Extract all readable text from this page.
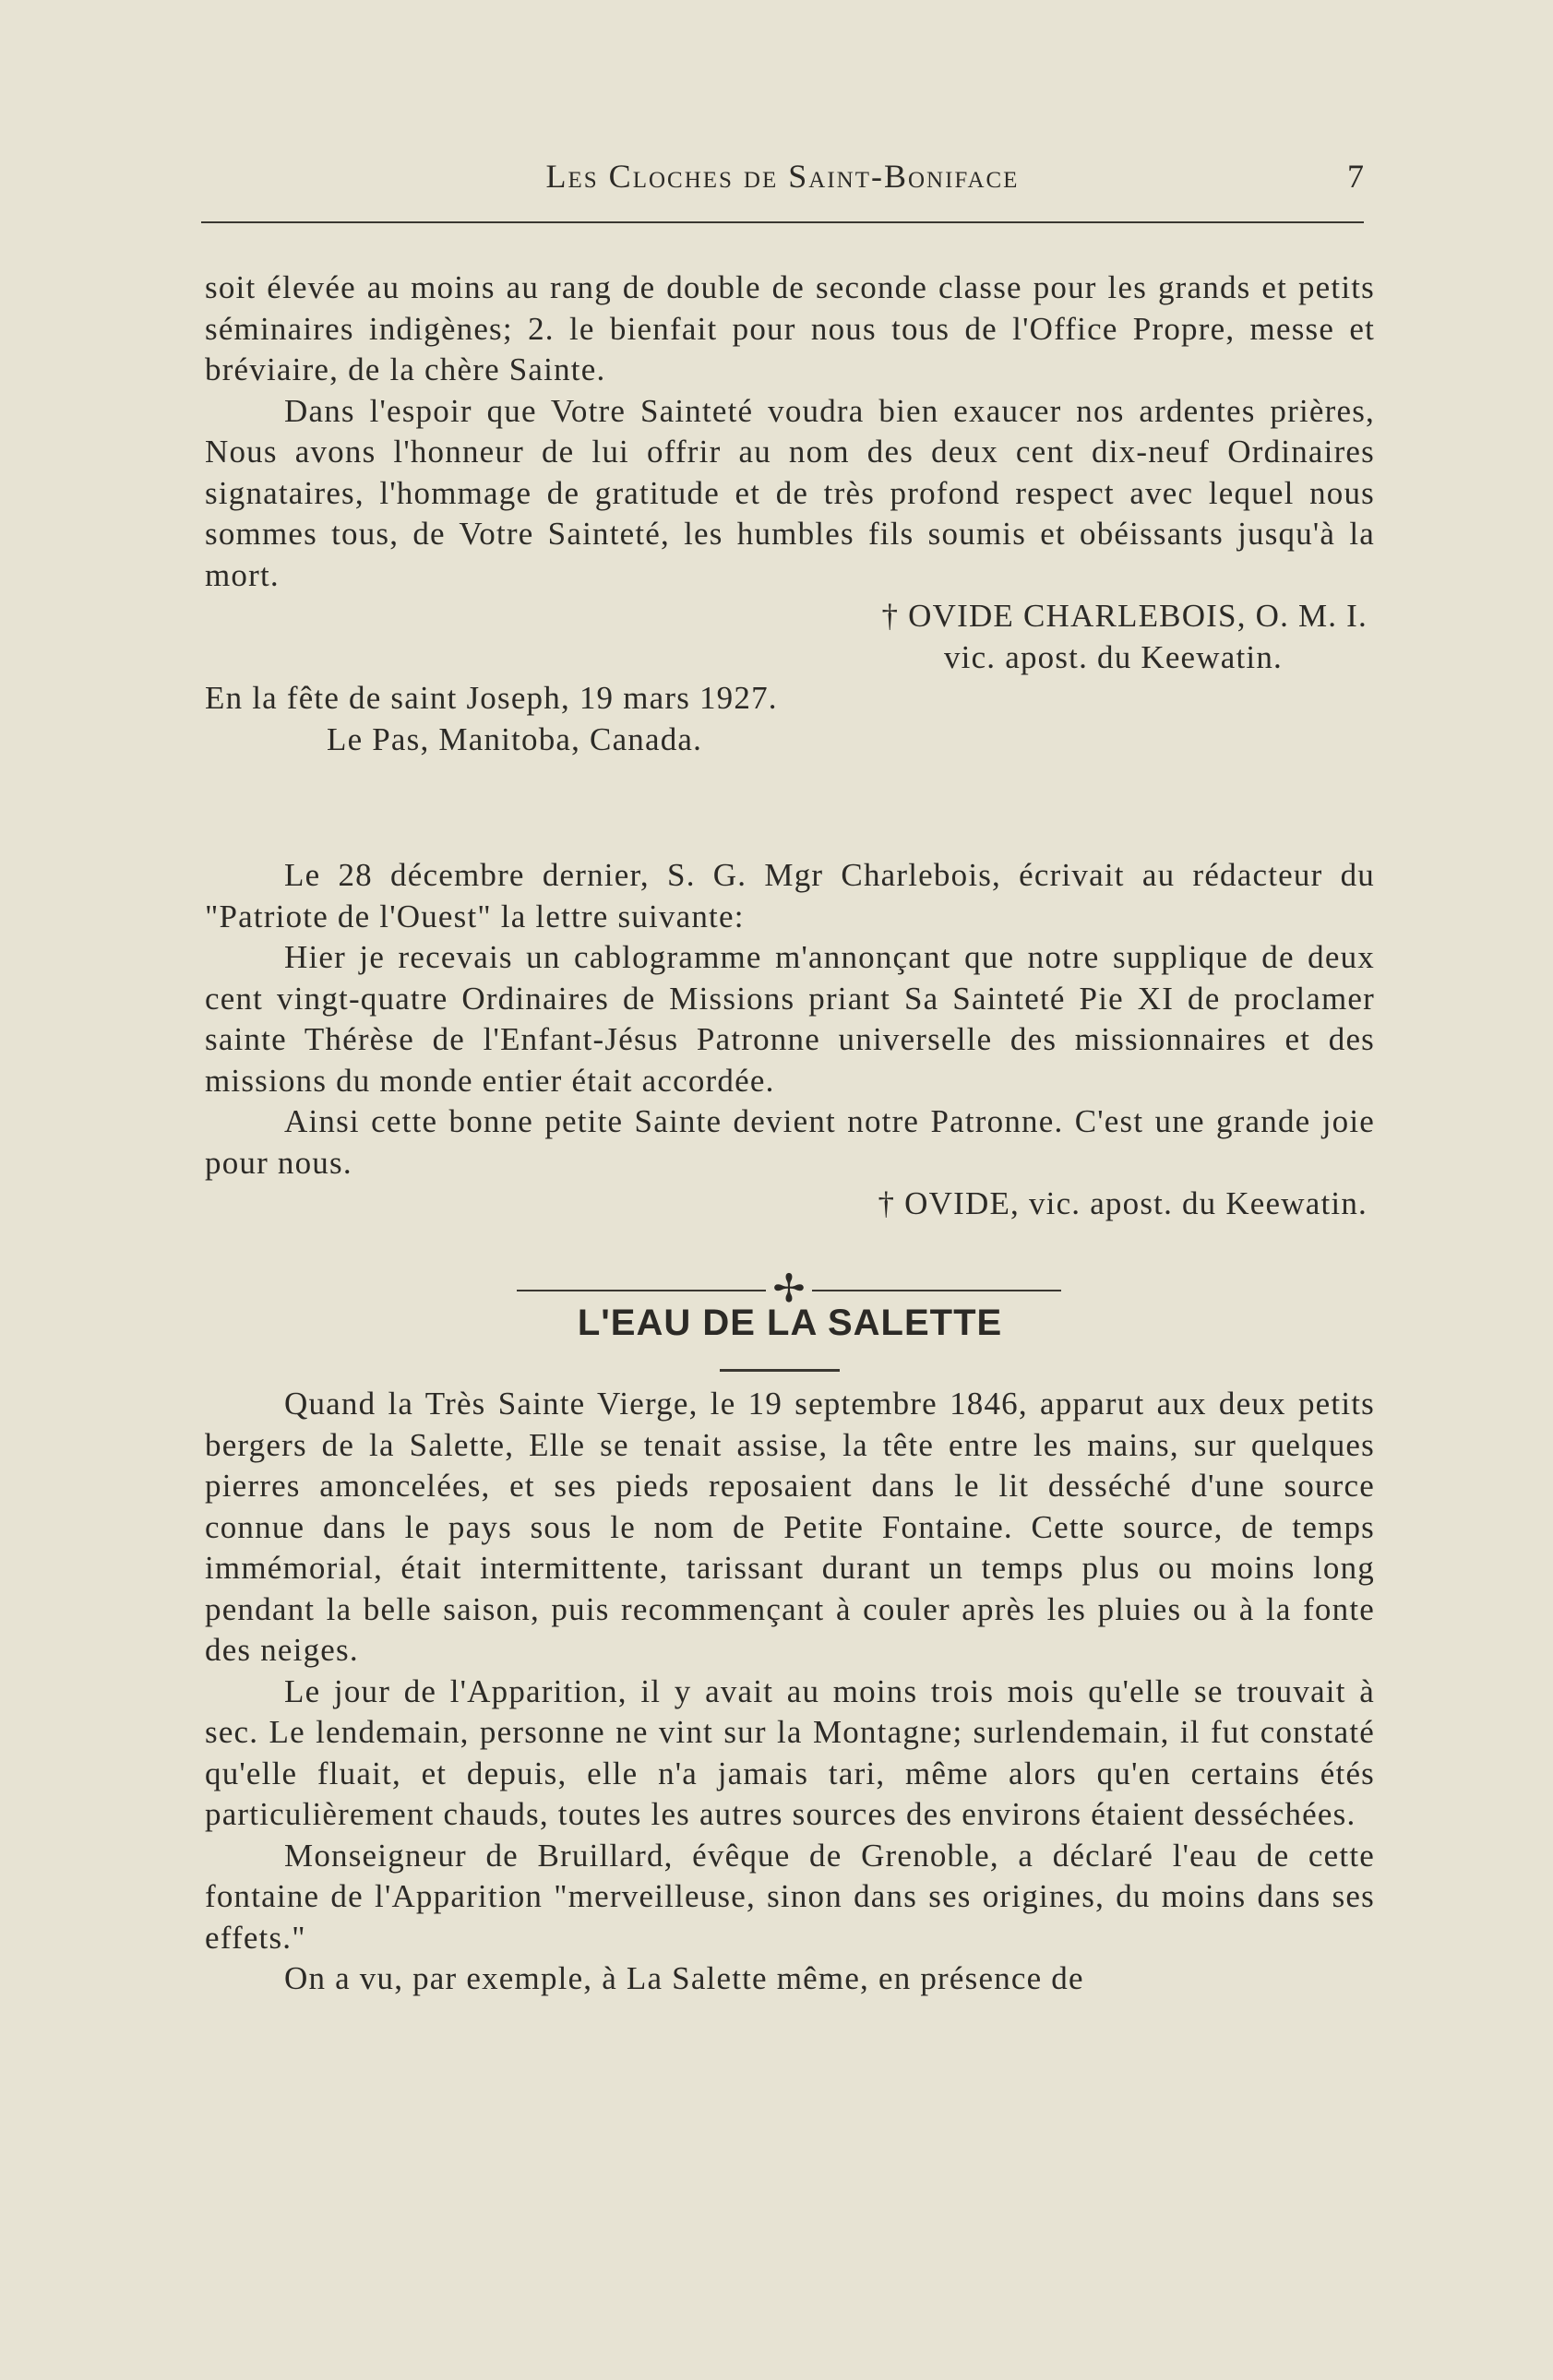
Les Cloches de Saint-Boniface	7

soit élevée au moins au rang de double de seconde classe pour les grands et petits séminaires indigènes; 2. le bienfait pour nous tous de l'Office Propre, messe et bréviaire, de la chère Sainte.

Dans l'espoir que Votre Sainteté voudra bien exaucer nos ardentes prières, Nous avons l'honneur de lui offrir au nom des deux cent dix-neuf Ordinaires signataires, l'hommage de gratitude et de très profond respect avec lequel nous sommes tous, de Votre Sainteté, les humbles fils soumis et obéissants jusqu'à la mort.

† OVIDE CHARLEBOIS, O. M. I.

vic. apost. du Keewatin.

En la fête de saint Joseph, 19 mars 1927.

Le Pas, Manitoba, Canada.

Le 28 décembre dernier, S. G. Mgr Charlebois, écrivait au rédacteur du "Patriote de l'Ouest" la lettre suivante:

Hier je recevais un cablogramme m'annonçant que notre supplique de deux cent vingt-quatre Ordinaires de Missions priant Sa Sainteté Pie XI de proclamer sainte Thérèse de l'Enfant-Jésus Patronne universelle des missionnaires et des missions du monde entier était accordée.

Ainsi cette bonne petite Sainte devient notre Patronne. C'est une grande joie pour nous.

† OVIDE, vic. apost. du Keewatin.

✢
L'EAU DE LA SALETTE

Quand la Très Sainte Vierge, le 19 septembre 1846, apparut aux deux petits bergers de la Salette, Elle se tenait assise, la tête entre les mains, sur quelques pierres amoncelées, et ses pieds reposaient dans le lit desséché d'une source connue dans le pays sous le nom de Petite Fontaine. Cette source, de temps immémorial, était intermittente, tarissant durant un temps plus ou moins long pendant la belle saison, puis recommençant à couler après les pluies ou à la fonte des neiges.

Le jour de l'Apparition, il y avait au moins trois mois qu'elle se trouvait à sec. Le lendemain, personne ne vint sur la Montagne; surlendemain, il fut constaté qu'elle fluait, et depuis, elle n'a jamais tari, même alors qu'en certains étés particulièrement chauds, toutes les autres sources des environs étaient desséchées.

Monseigneur de Bruillard, évêque de Grenoble, a déclaré l'eau de cette fontaine de l'Apparition "merveilleuse, sinon dans ses origines, du moins dans ses effets."

On a vu, par exemple, à La Salette même, en présence de
